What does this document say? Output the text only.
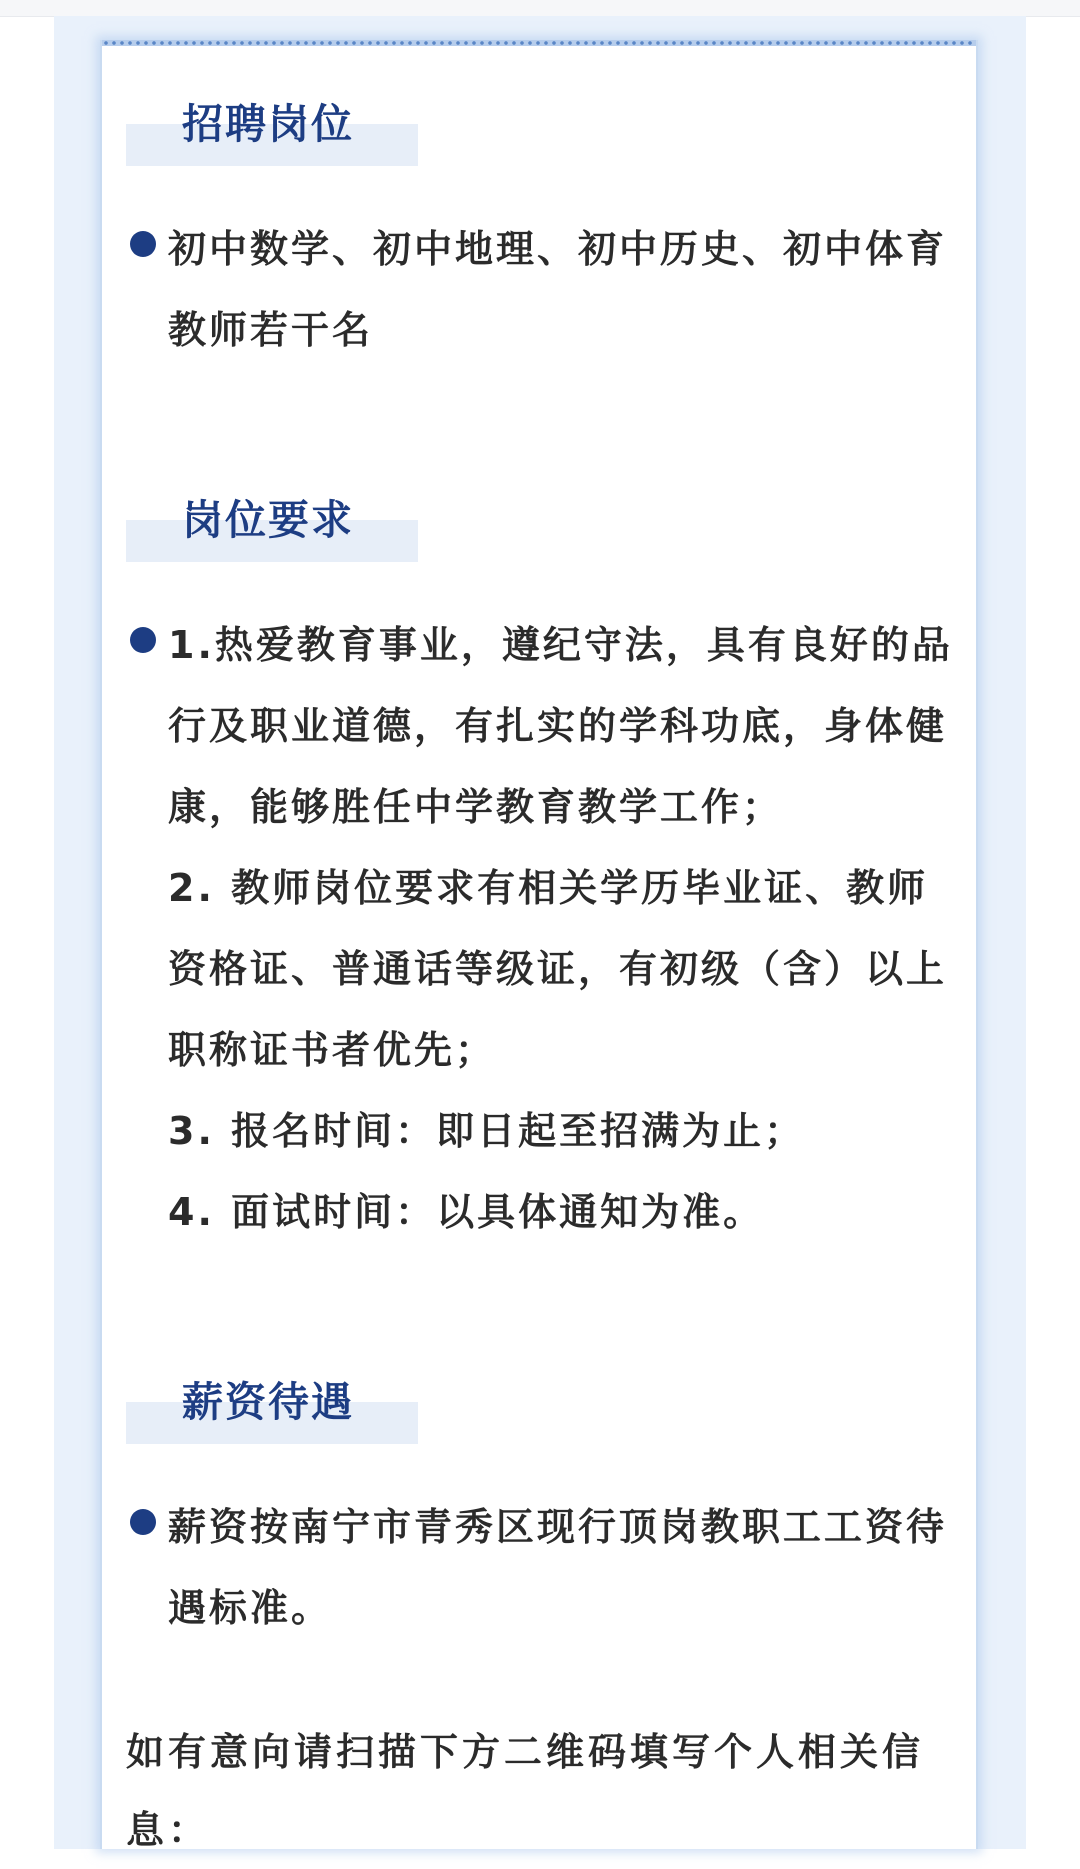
招聘岗位

初中数学、初中地理、初中历史、初中体育教师若干名

岗位要求

1.热爱教育事业，遵纪守法，具有良好的品行及职业道德，有扎实的学科功底，身体健康，能够胜任中学教育教学工作；

2. 教师岗位要求有相关学历毕业证、教师资格证、普通话等级证，有初级（含）以上职称证书者优先；

3. 报名时间：即日起至招满为止；

4. 面试时间：以具体通知为准。

薪资待遇

薪资按南宁市青秀区现行顶岗教职工工资待遇标准。

如有意向请扫描下方二维码填写个人相关信息：
